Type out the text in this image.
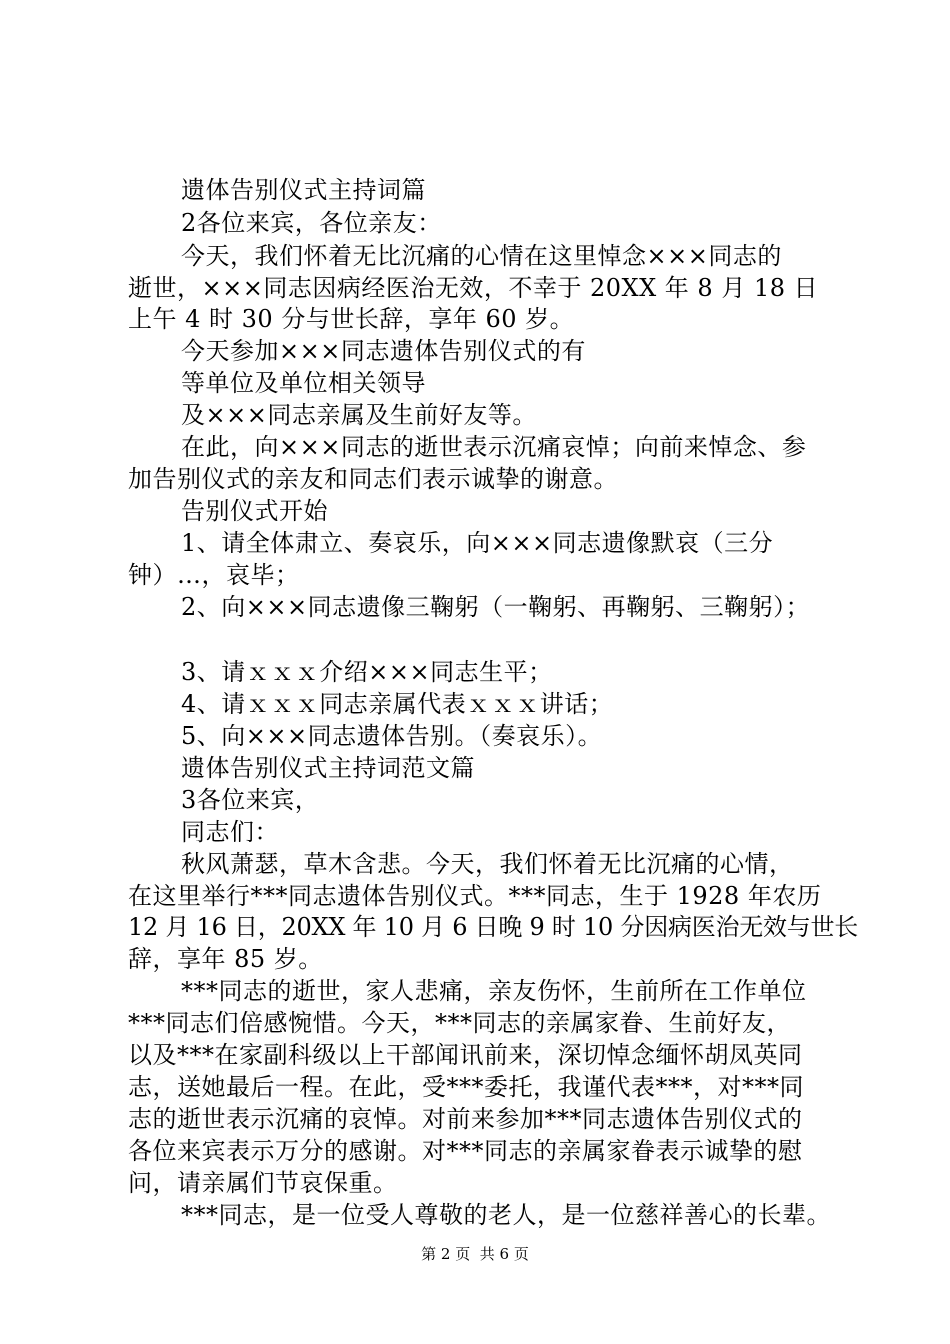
遗体告别仪式主持词篇
2各位来宾，各位亲友：
今天，我们怀着无比沉痛的心情在这里悼念×××同志的
逝世，×××同志因病经医治无效，不幸于 20XX 年 8 月 18 日
上午 4 时 30 分与世长辞，享年 60 岁。
今天参加×××同志遗体告别仪式的有
等单位及单位相关领导
及×××同志亲属及生前好友等。
在此，向×××同志的逝世表示沉痛哀悼；向前来悼念、参
加告别仪式的亲友和同志们表示诚挚的谢意。
告别仪式开始
1、请全体肃立、奏哀乐，向×××同志遗像默哀（三分
钟）…，哀毕；
2、向×××同志遗像三鞠躬（一鞠躬、再鞠躬、三鞠躬）；
3、请ｘｘｘ介绍×××同志生平；
4、请ｘｘｘ同志亲属代表ｘｘｘ讲话；
5、向×××同志遗体告别。（奏哀乐）。
遗体告别仪式主持词范文篇
3各位来宾，
同志们：
秋风萧瑟，草木含悲。今天，我们怀着无比沉痛的心情，
在这里举行***同志遗体告别仪式。***同志，生于 1928 年农历
12 月 16 日，20XX 年 10 月 6 日晚 9 时 10 分因病医治无效与世长
辞，享年 85 岁。
***同志的逝世，家人悲痛，亲友伤怀，生前所在工作单位
***同志们倍感惋惜。今天，***同志的亲属家眷、生前好友，
以及***在家副科级以上干部闻讯前来，深切悼念缅怀胡凤英同
志，送她最后一程。在此，受***委托，我谨代表***，对***同
志的逝世表示沉痛的哀悼。对前来参加***同志遗体告别仪式的
各位来宾表示万分的感谢。对***同志的亲属家眷表示诚挚的慰
问，请亲属们节哀保重。
***同志，是一位受人尊敬的老人，是一位慈祥善心的长辈。
第 2 页  共 6 页
